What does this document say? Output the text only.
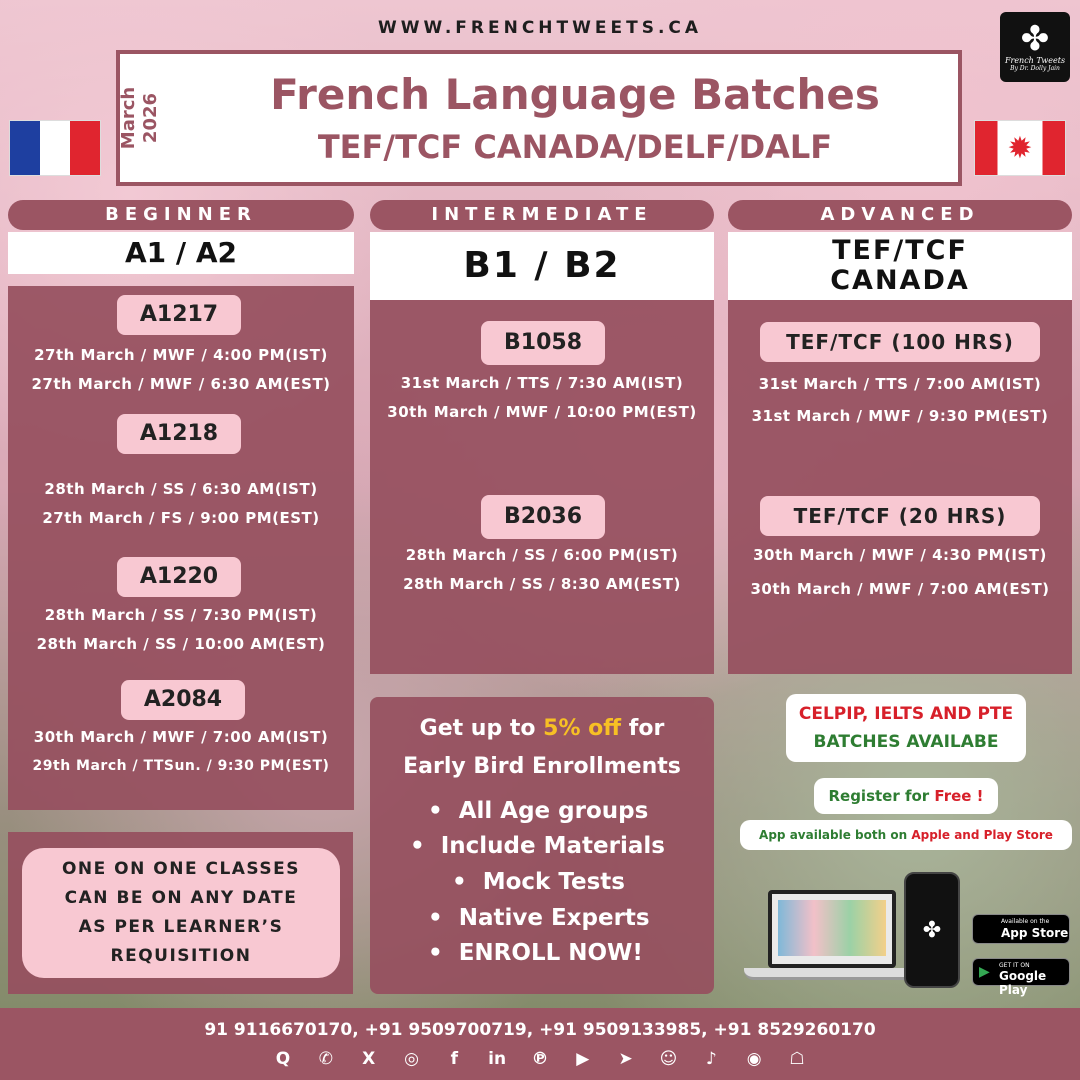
WWW.FRENCHTWEETS.CA	✤
French Tweets
By Dr. Dolly Jain
March 2026	French Language Batches
TEF/TCF CANADA/DELF/DALF	✹
BEGINNER
A1 / A2
A1217
27th March / MWF / 4:00 PM(IST)
27th March / MWF / 6:30 AM(EST)
A1218
28th March / SS / 6:30 AM(IST)
27th March / FS / 9:00 PM(EST)
A1220
28th March / SS / 7:30 PM(IST)
28th March / SS / 10:00 AM(EST)
A2084
30th March / MWF / 7:00 AM(IST)
29th March / TTSun. / 9:30 PM(EST)
INTERMEDIATE
B1 / B2
B1058
31st March / TTS / 7:30 AM(IST)
30th March / MWF / 10:00 PM(EST)
B2036
28th March / SS / 6:00 PM(IST)
28th March / SS / 8:30 AM(EST)
ADVANCED
TEF/TCF
CANADA
TEF/TCF (100 HRS)
31st March / TTS / 7:00 AM(IST)
31st March / MWF / 9:30 PM(EST)
TEF/TCF (20 HRS)
30th March / MWF / 4:30 PM(IST)
30th March / MWF / 7:00 AM(EST)
ONE ON ONE CLASSES
CAN BE ON ANY DATE
AS PER LEARNER’S
REQUISITION
Get up to 5% off for
Early Bird Enrollments
•  All Age groups
•  Include Materials
•  Mock Tests
•  Native Experts
•  ENROLL NOW!
CELPIP, IELTS AND PTE
BATCHES AVAILABE
Register for Free !
App available both on Apple and Play Store
✤	Available on the
App Store
▶ GET IT ON
Google Play
91 9116670170, +91 9509700719, +91 9509133985, +91 8529260170
Q	✆	X	◎	f	in ℗	▶	➤	☺	♪	◉	☖
